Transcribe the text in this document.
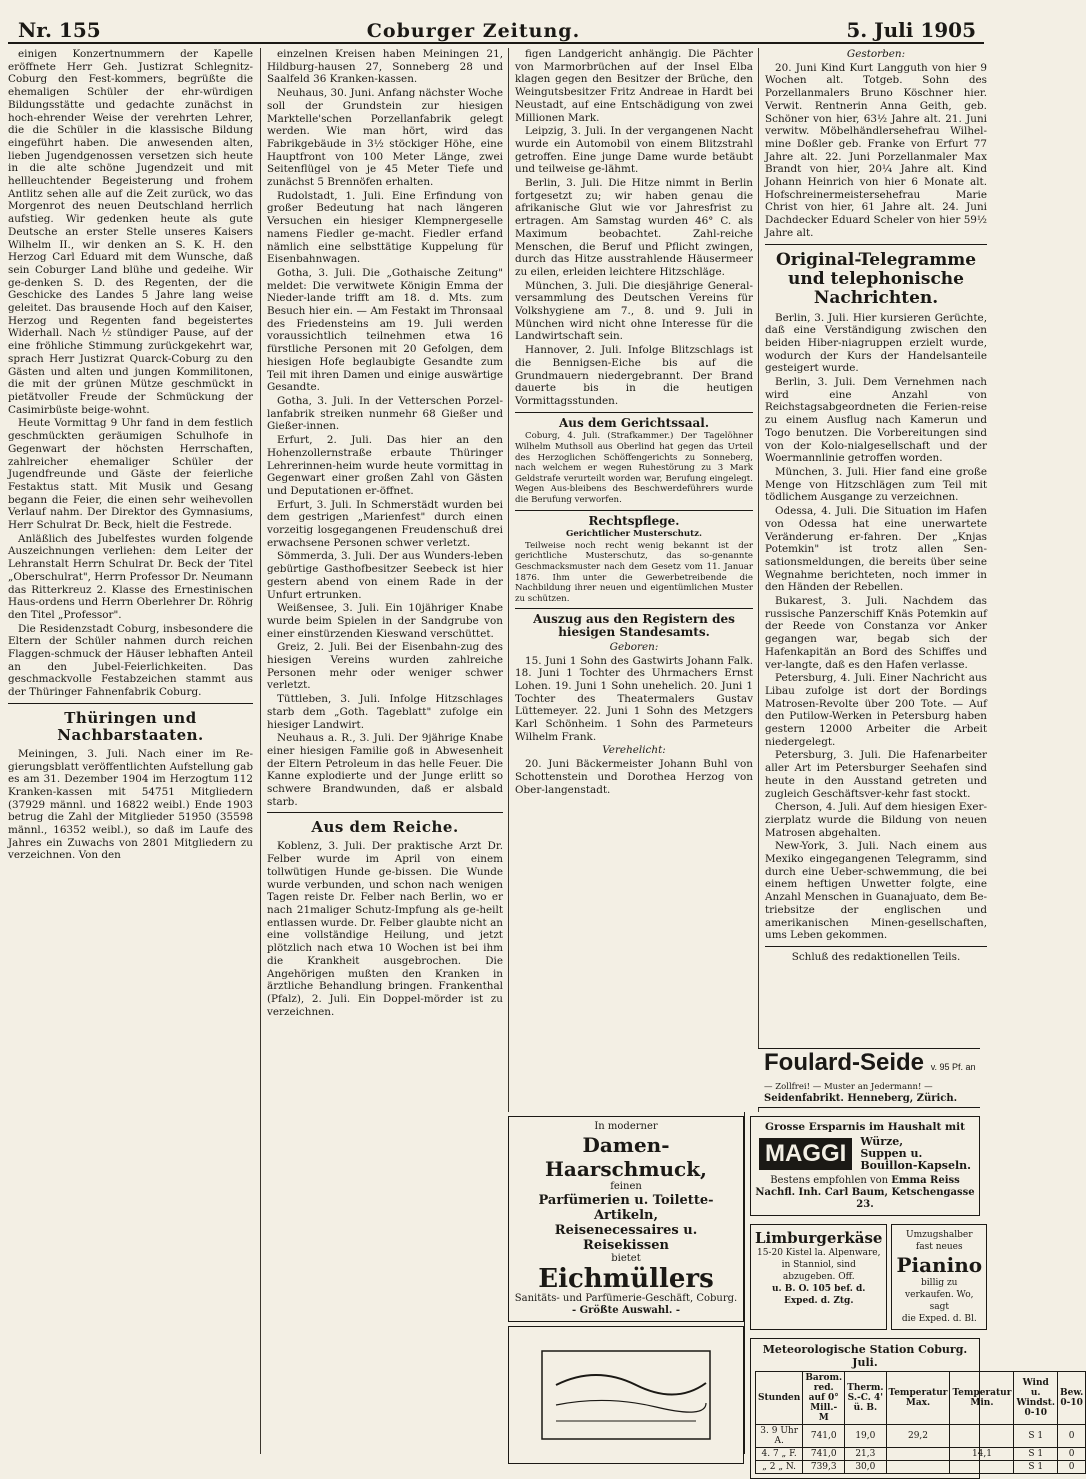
Nr. 155	Coburger Zeitung.	5. Juli 1905

einigen Konzertnummern der Kapelle eröffnete Herr Geh. Justizrat Schlegnitz-Coburg den Fest-kommers, begrüßte die ehemaligen Schüler der ehr-würdigen Bildungsstätte und gedachte zunächst in hoch-ehrender Weise der verehrten Lehrer, die die Schüler in die klassische Bildung eingeführt haben. Die anwesenden alten, lieben Jugendgenossen versetzen sich heute in die alte schöne Jugendzeit und mit hellleuchtender Begeisterung und frohem Antlitz sehen alle auf die Zeit zurück, wo das Morgenrot des neuen Deutschland herrlich aufstieg. Wir gedenken heute als gute Deutsche an erster Stelle unseres Kaisers Wilhelm II., wir denken an S. K. H. den Herzog Carl Eduard mit dem Wunsche, daß sein Coburger Land blühe und gedeihe. Wir ge-denken S. D. des Regenten, der die Geschicke des Landes 5 Jahre lang weise geleitet. Das brausende Hoch auf den Kaiser, Herzog und Regenten fand begeistertes Widerhall. Nach ½ stündiger Pause, auf der eine fröhliche Stimmung zurückgekehrt war, sprach Herr Justizrat Quarck-Coburg zu den Gästen und alten und jungen Kommilitonen, die mit der grünen Mütze geschmückt in pietätvoller Freude der Schmückung der Casimirbüste beige-wohnt.

Heute Vormittag 9 Uhr fand in dem festlich geschmückten geräumigen Schulhofe in Gegenwart der höchsten Herrschaften, zahlreicher ehemaliger Schüler der Jugendfreunde und Gäste der feierliche Festaktus statt. Mit Musik und Gesang begann die Feier, die einen sehr weihevollen Verlauf nahm. Der Direktor des Gymnasiums, Herr Schulrat Dr. Beck, hielt die Festrede.

Anläßlich des Jubelfestes wurden folgende Auszeichnungen verliehen: dem Leiter der Lehranstalt Herrn Schulrat Dr. Beck der Titel „Oberschulrat", Herrn Professor Dr. Neumann das Ritterkreuz 2. Klasse des Ernestinischen Haus-ordens und Herrn Oberlehrer Dr. Röhrig den Titel „Professor".

Die Residenzstadt Coburg, insbesondere die Eltern der Schüler nahmen durch reichen Flaggen-schmuck der Häuser lebhaften Anteil an den Jubel-Feierlichkeiten. Das geschmackvolle Festabzeichen stammt aus der Thüringer Fahnenfabrik Coburg.

Thüringen und Nachbarstaaten.

Meiningen, 3. Juli. Nach einer im Re-gierungsblatt veröffentlichten Aufstellung gab es am 31. Dezember 1904 im Herzogtum 112 Kranken-kassen mit 54751 Mitgliedern (37929 männl. und 16822 weibl.) Ende 1903 betrug die Zahl der Mitglieder 51950 (35598 männl., 16352 weibl.), so daß im Laufe des Jahres ein Zuwachs von 2801 Mitgliedern zu verzeichnen. Von den

einzelnen Kreisen haben Meiningen 21, Hildburg-hausen 27, Sonneberg 28 und Saalfeld 36 Kranken-kassen.

Neuhaus, 30. Juni. Anfang nächster Woche soll der Grundstein zur hiesigen Marktelle'schen Porzellanfabrik gelegt werden. Wie man hört, wird das Fabrikgebäude in 3½ stöckiger Höhe, eine Hauptfront von 100 Meter Länge, zwei Seitenflügel von je 45 Meter Tiefe und zunächst 5 Brennöfen erhalten.

Rudolstadt, 1. Juli. Eine Erfindung von großer Bedeutung hat nach längeren Versuchen ein hiesiger Klempnergeselle namens Fiedler ge-macht. Fiedler erfand nämlich eine selbsttätige Kuppelung für Eisenbahnwagen.

Gotha, 3. Juli. Die „Gothaische Zeitung" meldet: Die verwitwete Königin Emma der Nieder-lande trifft am 18. d. Mts. zum Besuch hier ein. — Am Festakt im Thronsaal des Friedensteins am 19. Juli werden voraussichtlich teilnehmen etwa 16 fürstliche Personen mit 20 Gefolgen, dem hiesigen Hofe beglaubigte Gesandte zum Teil mit ihren Damen und einige auswärtige Gesandte.

Gotha, 3. Juli. In der Vetterschen Porzel-lanfabrik streiken nunmehr 68 Gießer und Gießer-innen.

Erfurt, 2. Juli. Das hier an den Hohenzollernstraße erbaute Thüringer Lehrerinnen-heim wurde heute vormittag in Gegenwart einer großen Zahl von Gästen und Deputationen er-öffnet.

Erfurt, 3. Juli. In Schmerstädt wurden bei dem gestrigen „Marienfest" durch einen vorzeitig losgegangenen Freudenschuß drei erwachsene Personen schwer verletzt.

Sömmerda, 3. Juli. Der aus Wunders-leben gebürtige Gasthofbesitzer Seebeck ist hier gestern abend von einem Rade in der Unfurt ertrunken.

Weißensee, 3. Juli. Ein 10jähriger Knabe wurde beim Spielen in der Sandgrube von einer einstürzenden Kieswand verschüttet.

Greiz, 2. Juli. Bei der Eisenbahn-zug des hiesigen Vereins wurden zahlreiche Personen mehr oder weniger schwer verletzt.

Tüttleben, 3. Juli. Infolge Hitzschlages starb dem „Goth. Tageblatt" zufolge ein hiesiger Landwirt.

Neuhaus a. R., 3. Juli. Der 9jährige Knabe einer hiesigen Familie goß in Abwesenheit der Eltern Petroleum in das helle Feuer. Die Kanne explodierte und der Junge erlitt so schwere Brandwunden, daß er alsbald starb.

Aus dem Reiche.

Koblenz, 3. Juli. Der praktische Arzt Dr. Felber wurde im April von einem tollwütigen Hunde ge-bissen. Die Wunde wurde verbunden, und schon nach wenigen Tagen reiste Dr. Felber nach Berlin, wo er nach 21maliger Schutz-Impfung als ge-heilt entlassen wurde. Dr. Felber glaubte nicht an eine vollständige Heilung, und jetzt plötzlich nach etwa 10 Wochen ist bei ihm die Krankheit ausgebrochen. Die Angehörigen mußten den Kranken in ärztliche Behandlung bringen. Frankenthal (Pfalz), 2. Juli. Ein Doppel-mörder ist zu verzeichnen.

figen Landgericht anhängig. Die Pächter von Marmorbrüchen auf der Insel Elba klagen gegen den Besitzer der Brüche, den Weingutsbesitzer Fritz Andreae in Hardt bei Neustadt, auf eine Entschädigung von zwei Millionen Mark.

Leipzig, 3. Juli. In der vergangenen Nacht wurde ein Automobil von einem Blitzstrahl getroffen. Eine junge Dame wurde betäubt und teilweise ge-lähmt.

Berlin, 3. Juli. Die Hitze nimmt in Berlin fortgesetzt zu; wir haben genau die afrikanische Glut wie vor Jahresfrist zu ertragen. Am Samstag wurden 46° C. als Maximum beobachtet. Zahl-reiche Menschen, die Beruf und Pflicht zwingen, durch das Hitze ausstrahlende Häusermeer zu eilen, erleiden leichtere Hitzschläge.

München, 3. Juli. Die diesjährige General-versammlung des Deutschen Vereins für Volkshygiene am 7., 8. und 9. Juli in München wird nicht ohne Interesse für die Landwirtschaft sein.

Hannover, 2. Juli. Infolge Blitzschlags ist die Bennigsen-Eiche bis auf die Grundmauern niedergebrannt. Der Brand dauerte bis in die heutigen Vormittagsstunden.

Aus dem Gerichtssaal.

Coburg, 4. Juli. (Strafkammer.) Der Tagelöhner Wilhelm Muthsoll aus Oberlind hat gegen das Urteil des Herzoglichen Schöffengerichts zu Sonneberg, nach welchem er wegen Ruhestörung zu 3 Mark Geldstrafe verurteilt worden war, Berufung eingelegt. Wegen Aus-bleibens des Beschwerdeführers wurde die Berufung verworfen.

Rechtspflege.

Gerichtlicher Musterschutz.

Teilweise noch recht wenig bekannt ist der gerichtliche Musterschutz, das so-genannte Geschmacksmuster nach dem Gesetz vom 11. Januar 1876. Ihm unter die Gewerbetreibende die Nachbildung ihrer neuen und eigentümlichen Muster zu schützen.

Auszug aus den Registern des hiesigen Standesamts.

Geboren:

15. Juni 1 Sohn des Gastwirts Johann Falk. 18. Juni 1 Tochter des Uhrmachers Ernst Lohen. 19. Juni 1 Sohn unehelich. 20. Juni 1 Tochter des Theatermalers Gustav Lüttemeyer. 22. Juni 1 Sohn des Metzgers Karl Schönheim. 1 Sohn des Parmeteurs Wilhelm Frank.

Verehelicht:

20. Juni Bäckermeister Johann Buhl von Schottenstein und Dorothea Herzog von Ober-langenstadt.

Gestorben:

20. Juni Kind Kurt Langguth von hier 9 Wochen alt. Totgeb. Sohn des Porzellanmalers Bruno Köschner hier. Verwit. Rentnerin Anna Geith, geb. Schöner von hier, 63½ Jahre alt. 21. Juni verwitw. Möbelhändlersehefrau Wilhel-mine Doßler geb. Franke von Erfurt 77 Jahre alt. 22. Juni Porzellanmaler Max Brandt von hier, 20¼ Jahre alt. Kind Johann Heinrich von hier 6 Monate alt. Hofschreinermeistersehefrau Marie Christ von hier, 61 Jahre alt. 24. Juni Dachdecker Eduard Scheler von hier 59½ Jahre alt.

Original-Telegramme und telephonische Nachrichten.

Berlin, 3. Juli. Hier kursieren Gerüchte, daß eine Verständigung zwischen den beiden Hiber-niagruppen erzielt wurde, wodurch der Kurs der Handelsanteile gesteigert wurde.

Berlin, 3. Juli. Dem Vernehmen nach wird eine Anzahl von Reichstagsabgeordneten die Ferien-reise zu einem Ausflug nach Kamerun und Togo benutzen. Die Vorbereitungen sind von der Kolo-nialgesellschaft und der Woermannlinie getroffen worden.

München, 3. Juli. Hier fand eine große Menge von Hitzschlägen zum Teil mit tödlichem Ausgange zu verzeichnen.

Odessa, 4. Juli. Die Situation im Hafen von Odessa hat eine unerwartete Veränderung er-fahren. Der „Knjas Potemkin" ist trotz allen Sen-sationsmeldungen, die bereits über seine Wegnahme berichteten, noch immer in den Händen der Rebellen.

Bukarest, 3. Juli. Nachdem das russische Panzerschiff Knäs Potemkin auf der Reede von Constanza vor Anker gegangen war, begab sich der Hafenkapitän an Bord des Schiffes und ver-langte, daß es den Hafen verlasse.

Petersburg, 4. Juli. Einer Nachricht aus Libau zufolge ist dort der Bordings Matrosen-Revolte über 200 Tote. — Auf den Putilow-Werken in Petersburg haben gestern 12000 Arbeiter die Arbeit niedergelegt.

Petersburg, 3. Juli. Die Hafenarbeiter aller Art im Petersburger Seehafen sind heute in den Ausstand getreten und zugleich Geschäftsver-kehr fast stockt.

Cherson, 4. Juli. Auf dem hiesigen Exer-zierplatz wurde die Bildung von neuen Matrosen abgehalten.

New-York, 3. Juli. Nach einem aus Mexiko eingegangenen Telegramm, sind durch eine Ueber-schwemmung, die bei einem heftigen Unwetter folgte, eine Anzahl Menschen in Guanajuato, dem Be-triebsitze der englischen und amerikanischen Minen-gesellschaften, ums Leben gekommen.

Schluß des redaktionellen Teils.

In moderner
Damen-Haarschmuck,
feinen
Parfümerien u. Toilette-Artikeln,
Reisenecessaires u. Reisekissen
bietet
Eichmüllers
Sanitäts- und Parfümerie-Geschäft, Coburg.
- Größte Auswahl. -
Grosse Ersparnis im Haushalt mit
MAGGI	Würze,
Suppen u.
Bouillon-Kapseln.
Bestens empfohlen von Emma Reiss Nachfl. Inh. Carl Baum, Ketschengasse 23.
Limburgerkäse
15-20 Kistel la. Alpenware, in Stanniol, sind abzugeben. Off.
u. B. O. 105 bef. d. Exped. d. Ztg.
Umzugshalber fast neues
Pianino
billig zu verkaufen. Wo, sagt
die Exped. d. Bl.
Meteorologische Station Coburg. Juli.
Stunden	Barom. red. auf 0° Mill.-M	Therm. S.-C. 4' ü. B.	Temperatur Max.	Temperatur Min.	Wind u. Windst. 0-10	Bew. 0-10
3. 9 Uhr A.	741,0	19,0	29,2		S 1	0
4. 7 „ F.	741,0	21,3		14,1	S 1	0
„ 2 „ N.	739,3	30,0			S 1	0
Foulard-Seide v. 95 Pf. an
— Zollfrei! — Muster an Jedermann! —
Seidenfabrikt. Henneberg, Zürich.
